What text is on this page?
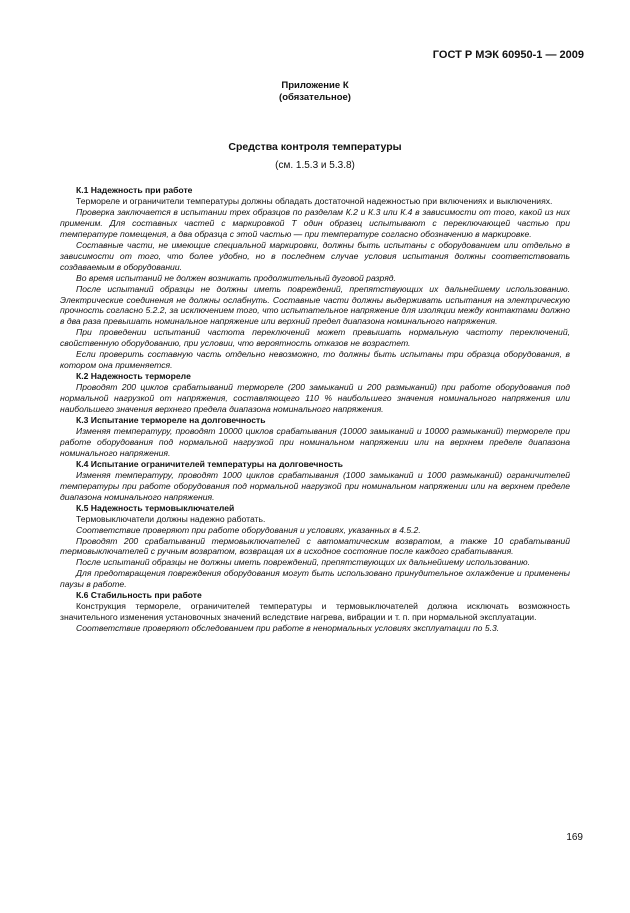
ГОСТ Р МЭК 60950-1 — 2009
Приложение К
(обязательное)
Средства контроля температуры
(см. 1.5.3 и 5.3.8)

К.1 Надежность при работе

Терморелe и ограничители температуры должны обладать достаточной надежностью при включениях и выключениях.

Проверка заключается в испытании трех образцов по разделам К.2 и К.3 или К.4 в зависимости от того, какой из них применим. Для составных частей с маркировкой Т один образец испытывают с переключающей частью при температуре помещения, а два образца с этой частью — при температуре согласно обозначению в маркировке.

Составные части, не имеющие специальной маркировки, должны быть испытаны с оборудованием или отдельно в зависимости от того, что более удобно, но в последнем случае условия испытания должны соответствовать создаваемым в оборудовании.

Во время испытаний не должен возникать продолжительный дуговой разряд.

После испытаний образцы не должны иметь повреждений, препятствующих их дальнейшему использованию. Электрические соединения не должны ослабнуть. Составные части должны выдерживать испытания на электрическую прочность согласно 5.2.2, за исключением того, что испытательное напряжение для изоляции между контактами должно в два раза превышать номинальное напряжение или верхний предел диапазона номинального напряжения.

При проведении испытаний частота переключений может превышать нормальную частоту переключений, свойственную оборудованию, при условии, что вероятность отказов не возрастет.

Если проверить составную часть отдельно невозможно, то должны быть испытаны три образца оборудования, в котором она применяется.

К.2 Надежность терморелe

Проводят 200 циклов срабатываний терморелe (200 замыканий и 200 размыканий) при работе оборудования под нормальной нагрузкой от напряжения, составляющего 110 % наибольшего значения номинального напряжения или наибольшего значения верхнего предела диапазона номинального напряжения.

К.3 Испытание терморелe на долговечность

Изменяя температуру, проводят 10000 циклов срабатывания (10000 замыканий и 10000 размыканий) терморелe при работе оборудования под нормальной нагрузкой при номинальном напряжении или на верхнем пределе диапазона номинального напряжения.

К.4 Испытание ограничителей температуры на долговечность

Изменяя температуру, проводят 1000 циклов срабатывания (1000 замыканий и 1000 размыканий) ограничителей температуры при работе оборудования под нормальной нагрузкой при номинальном напряжении или на верхнем пределе диапазона номинального напряжения.

К.5 Надежность термовыключателей

Термовыключатели должны надежно работать.

Соответствие проверяют при работе оборудования и условиях, указанных в 4.5.2.

Проводят 200 срабатываний термовыключателей с автоматическим возвратом, а также 10 срабатываний термовыключателей с ручным возвратом, возвращая их в исходное состояние после каждого срабатывания.

После испытаний образцы не должны иметь повреждений, препятствующих их дальнейшему использованию.

Для предотвращения повреждения оборудования могут быть использовано принудительное охлаждение и применены паузы в работе.

К.6 Стабильность при работе

Конструкция терморелe, ограничителей температуры и термовыключателей должна исключать возможность значительного изменения установочных значений вследствие нагрева, вибрации и т. п. при нормальной эксплуатации.

Соответствие проверяют обследованием при работе в ненормальных условиях эксплуатации по 5.3.

169
